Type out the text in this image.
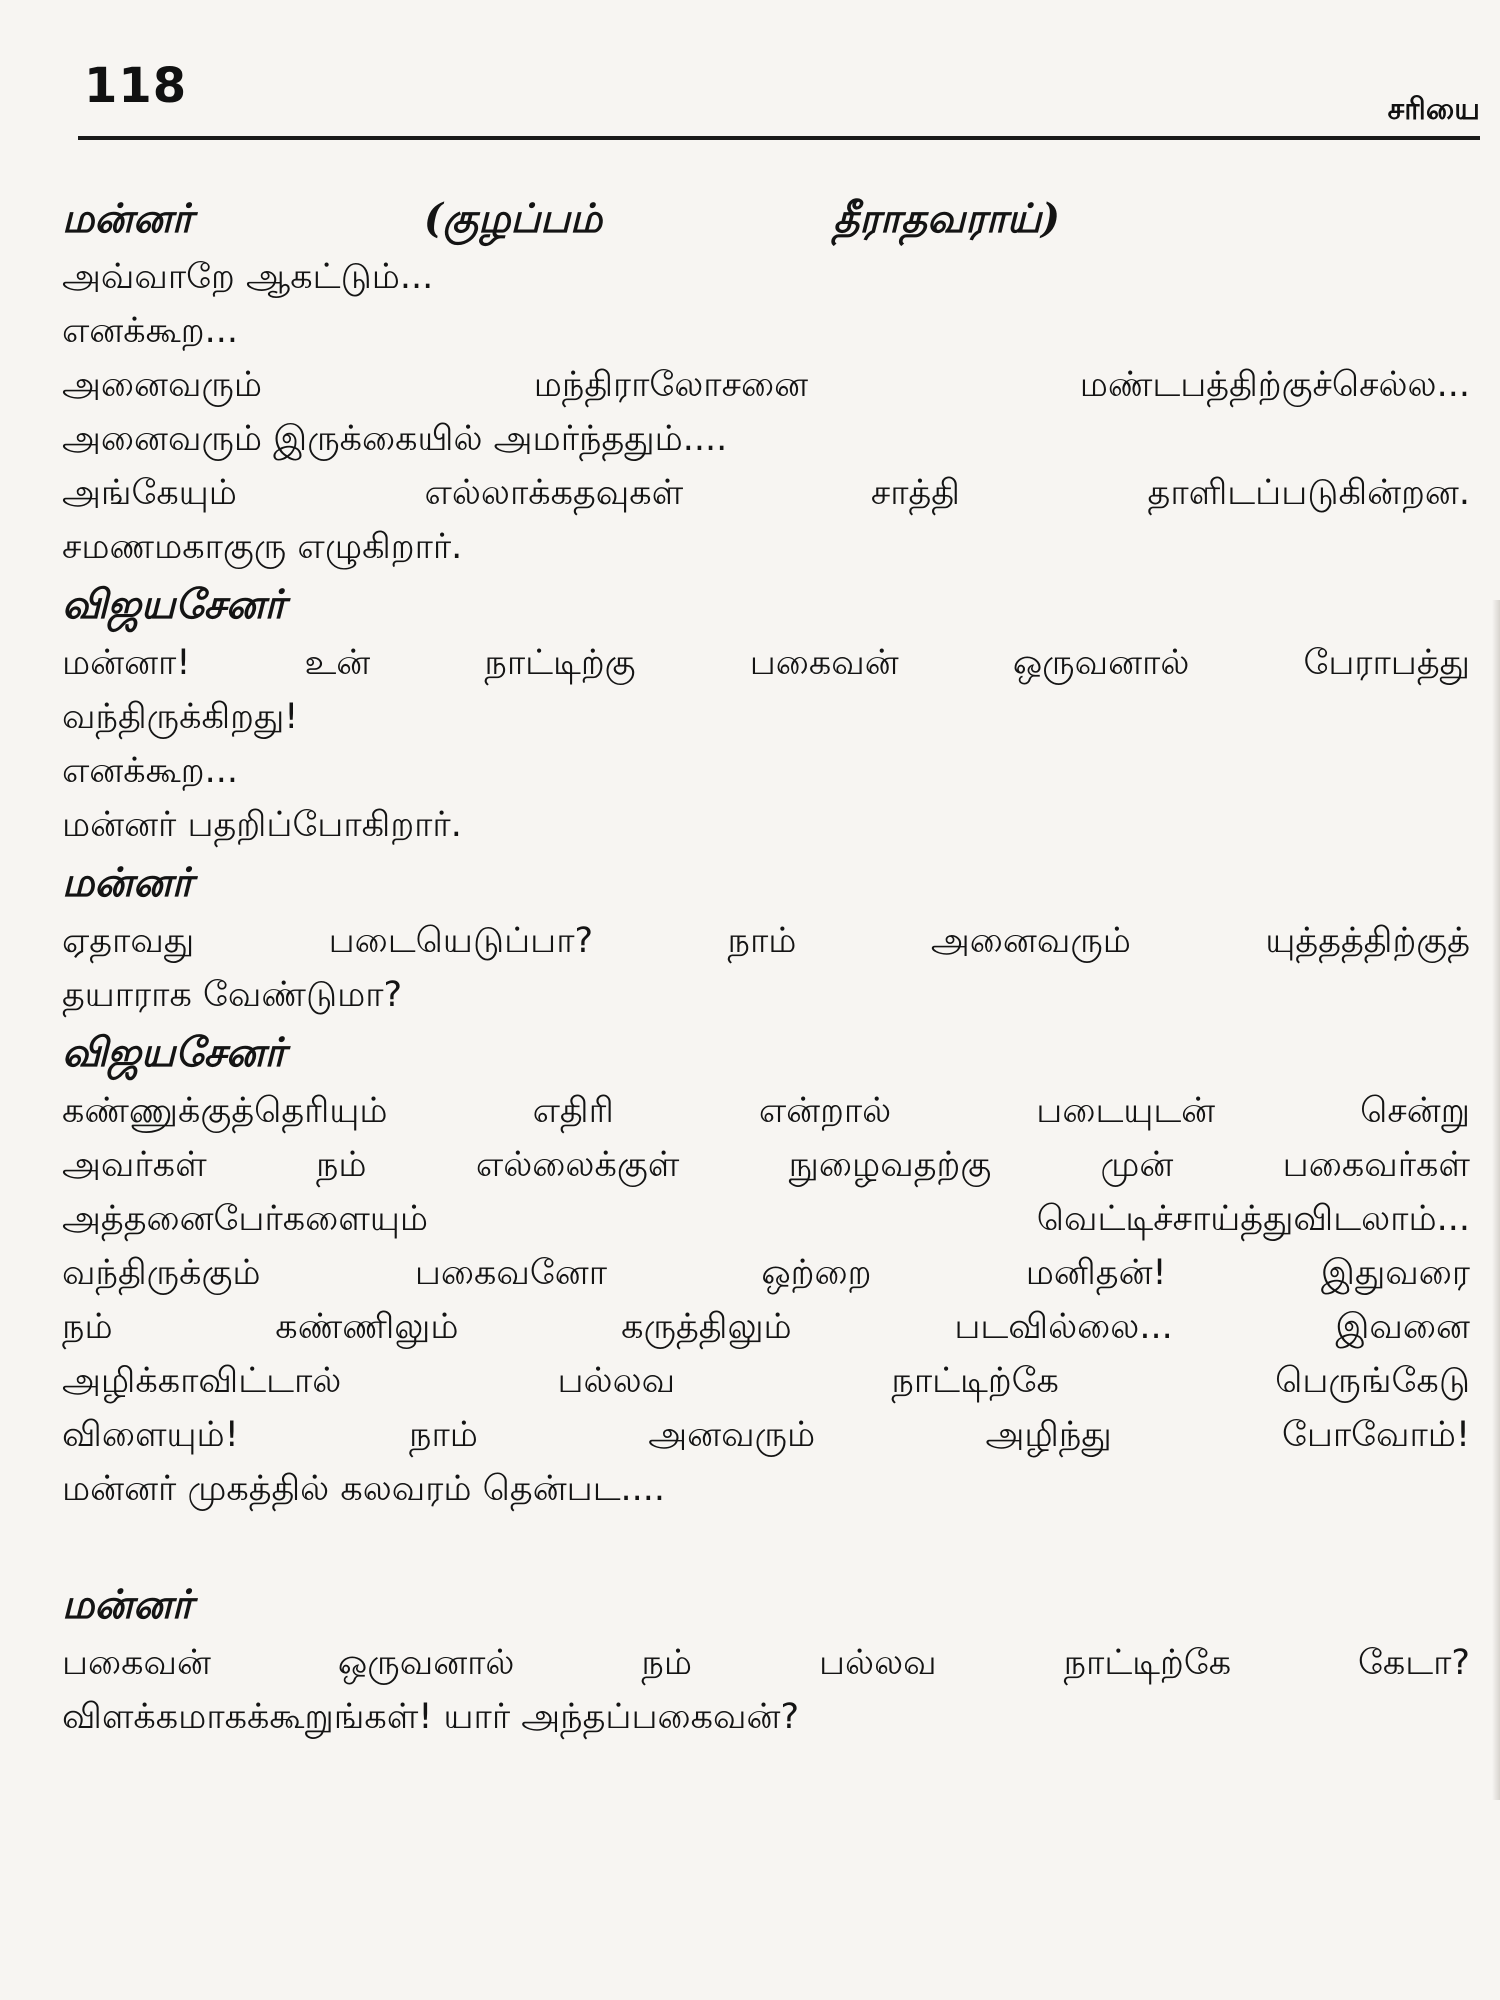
118	சரியை
மன்னர் (குழப்பம் தீராதவராய்)
அவ்வாறே ஆகட்டும்...
எனக்கூற...
அனைவரும் மந்திராலோசனை மண்டபத்திற்குச்செல்ல...
அனைவரும் இருக்கையில் அமர்ந்ததும்....
அங்கேயும் எல்லாக்கதவுகள் சாத்தி தாளிடப்படுகின்றன.
சமணமகாகுரு எழுகிறார்.
விஜயசேனர்
மன்னா! உன் நாட்டிற்கு பகைவன் ஒருவனால் பேராபத்து
வந்திருக்கிறது!
எனக்கூற...
மன்னர் பதறிப்போகிறார்.
மன்னர்
ஏதாவது படையெடுப்பா? நாம் அனைவரும் யுத்தத்திற்குத்
தயாராக வேண்டுமா?
விஜயசேனர்
கண்ணுக்குத்தெரியும் எதிரி என்றால் படையுடன் சென்று
அவர்கள் நம் எல்லைக்குள் நுழைவதற்கு முன் பகைவர்கள்
அத்தனைபேர்களையும் வெட்டிச்சாய்த்துவிடலாம்...
வந்திருக்கும் பகைவனோ ஒற்றை மனிதன்! இதுவரை
நம் கண்ணிலும் கருத்திலும் படவில்லை... இவனை
அழிக்காவிட்டால் பல்லவ நாட்டிற்கே பெருங்கேடு
விளையும்! நாம் அனவரும் அழிந்து போவோம்!
மன்னர் முகத்தில் கலவரம் தென்பட....
மன்னர்
பகைவன் ஒருவனால் நம் பல்லவ நாட்டிற்கே கேடா?
விளக்கமாகக்கூறுங்கள்! யார் அந்தப்பகைவன்?
